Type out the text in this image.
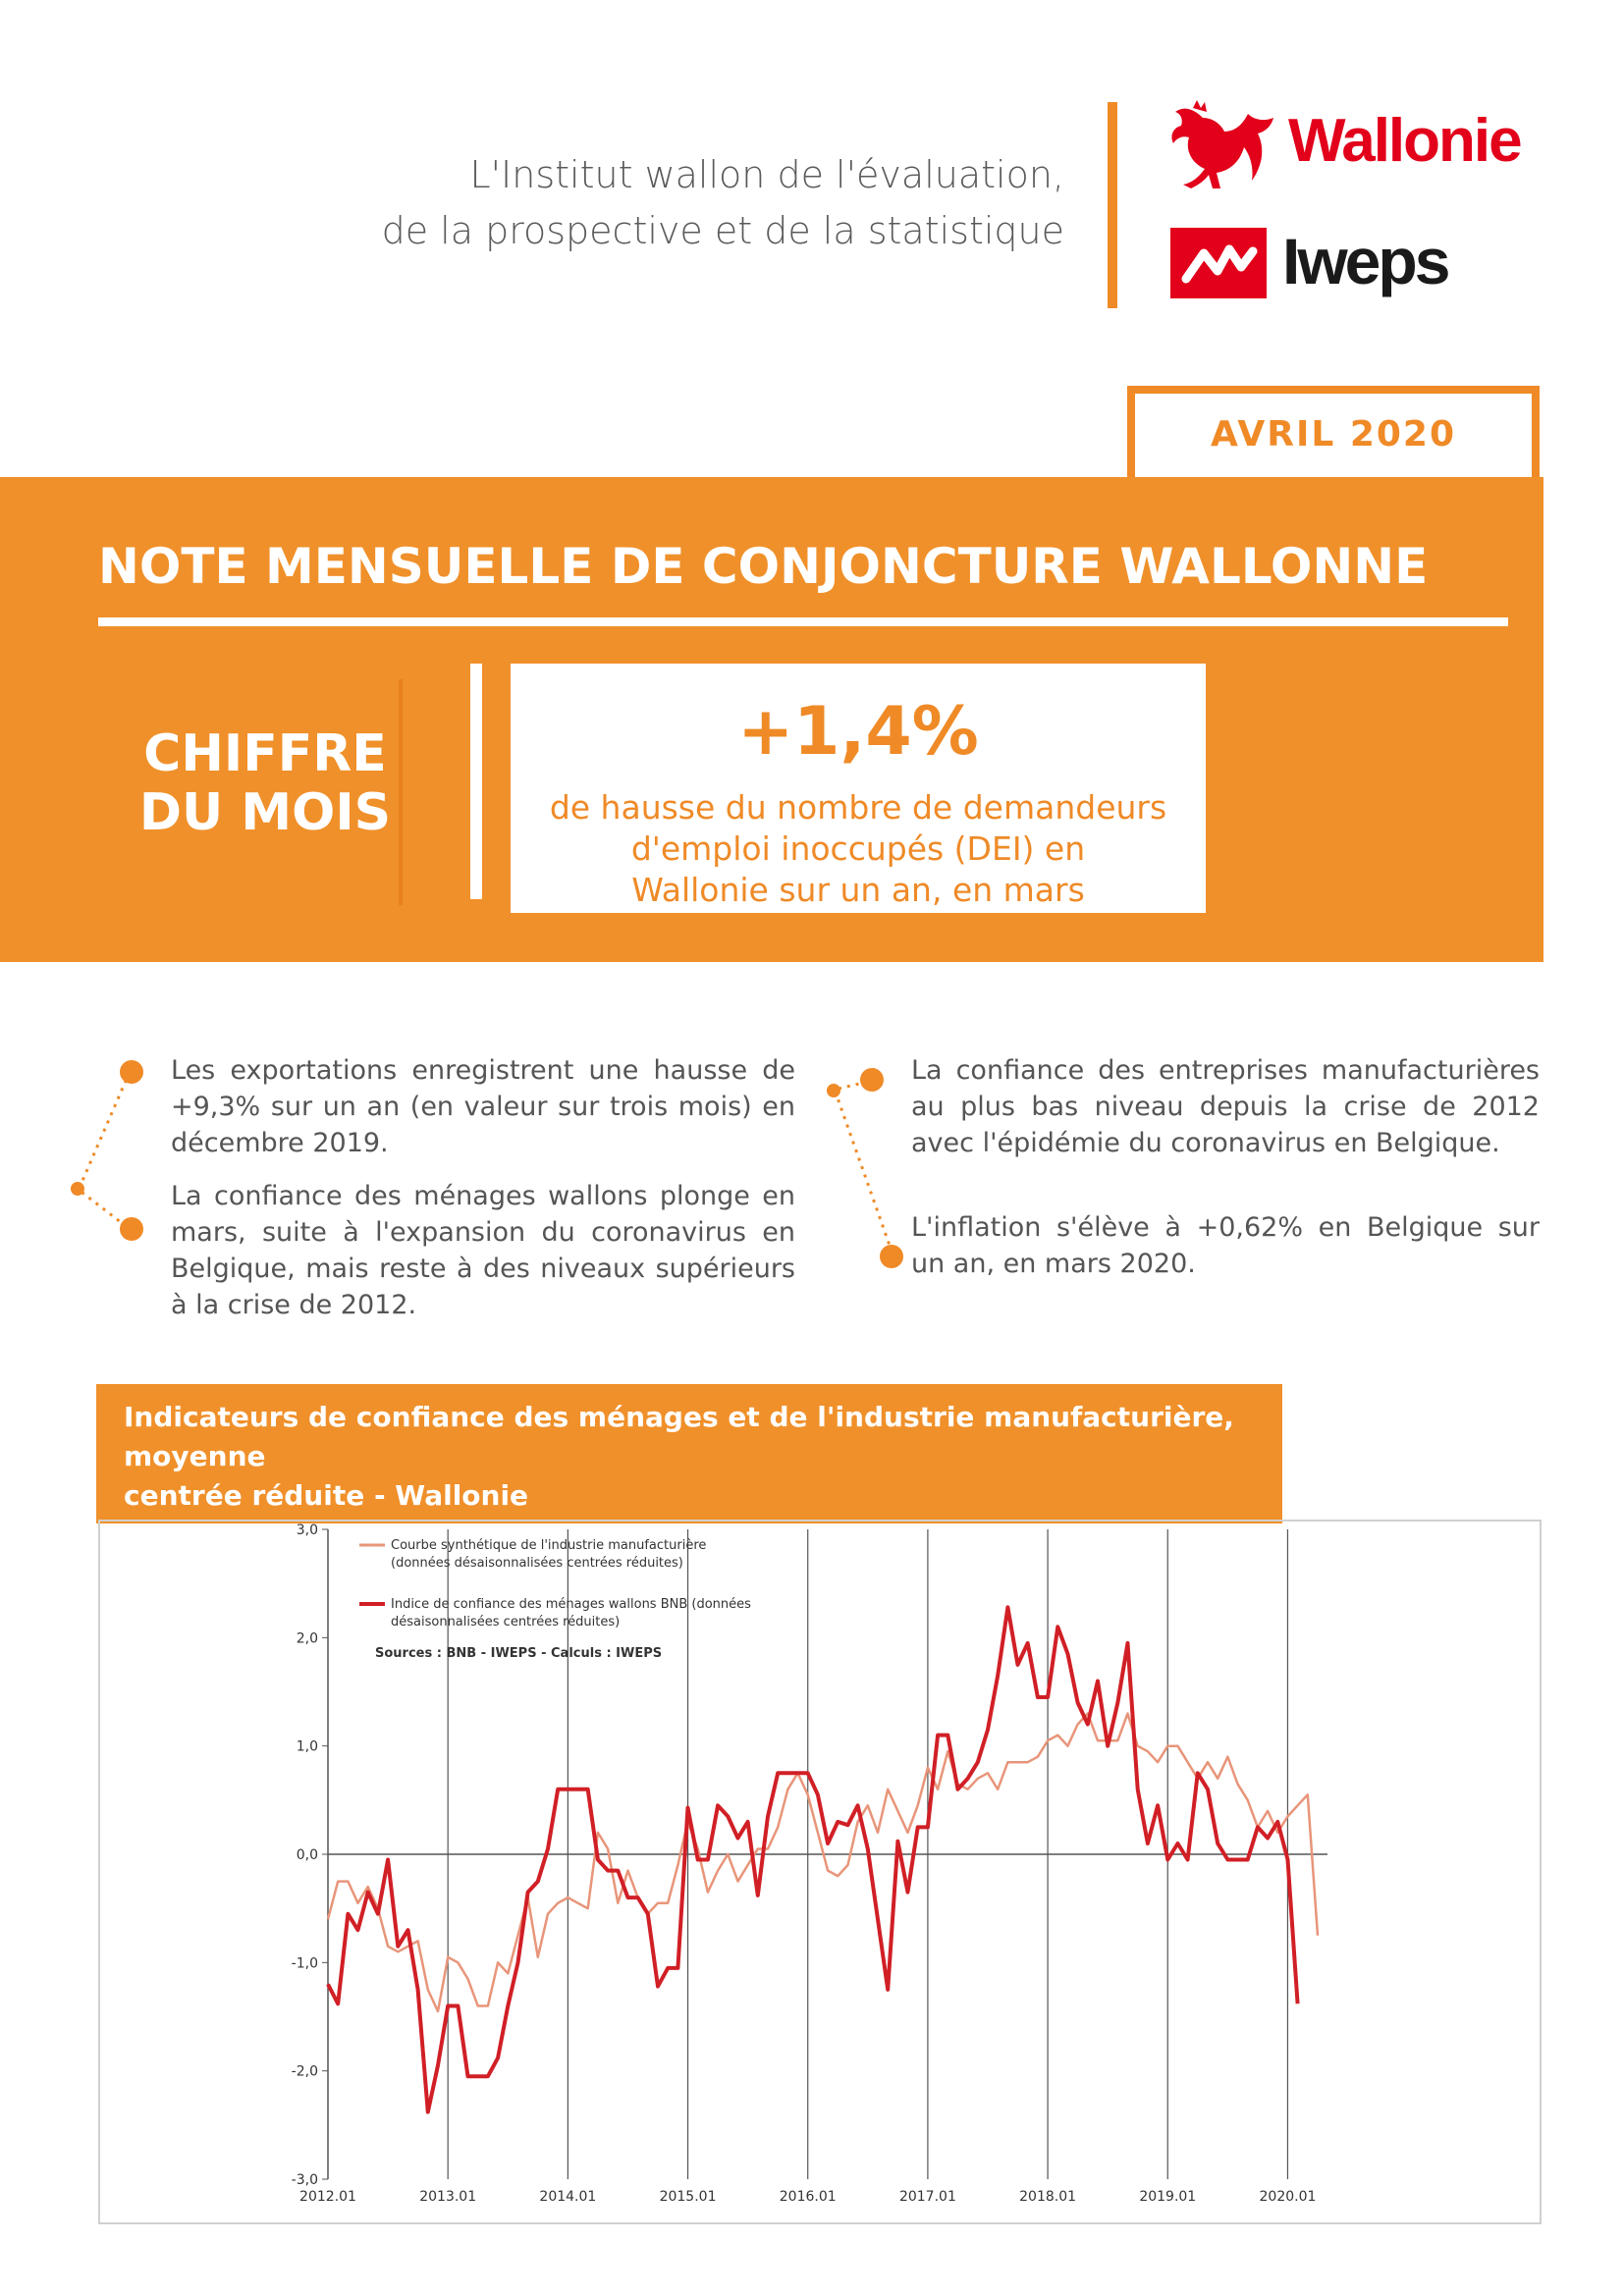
L'Institut wallon de l'évaluation,
de la prospective et de la statistique
Wallonie
Iweps
AVRIL 2020
NOTE MENSUELLE DE CONJONCTURE WALLONNE
CHIFFRE
DU MOIS
+1,4%
de hausse du nombre de demandeurs
d'emploi inoccupés (DEI) en
Wallonie sur un an, en mars
Les exportations enregistrent une hausse de +9,3% sur un an (en valeur sur trois mois) en décembre 2019.
La confiance des ménages wallons plonge en mars, suite à l'expansion du coronavirus en Belgique, mais reste à des niveaux supérieurs à la crise de 2012.
La confiance des entreprises manufacturières au plus bas niveau depuis la crise de 2012 avec l'épidémie du coronavirus en Belgique.
L'inflation s'élève à +0,62% en Belgique sur un an, en mars 2020.
Indicateurs de confiance des ménages et de l'industrie manufacturière, moyenne
centrée réduite - Wallonie
3,0
2,0
1,0
0,0
-1,0
-2,0
-3,0
2012.01	2013.01	2014.01	2015.01	2016.01	2017.01	2018.01	2019.01	2020.01
Courbe synthétique de l'industrie manufacturière
(données désaisonnalisées centrées réduites)
Indice de confiance des ménages wallons BNB (données
désaisonnalisées centrées réduites)
Sources : BNB - IWEPS - Calculs : IWEPS
